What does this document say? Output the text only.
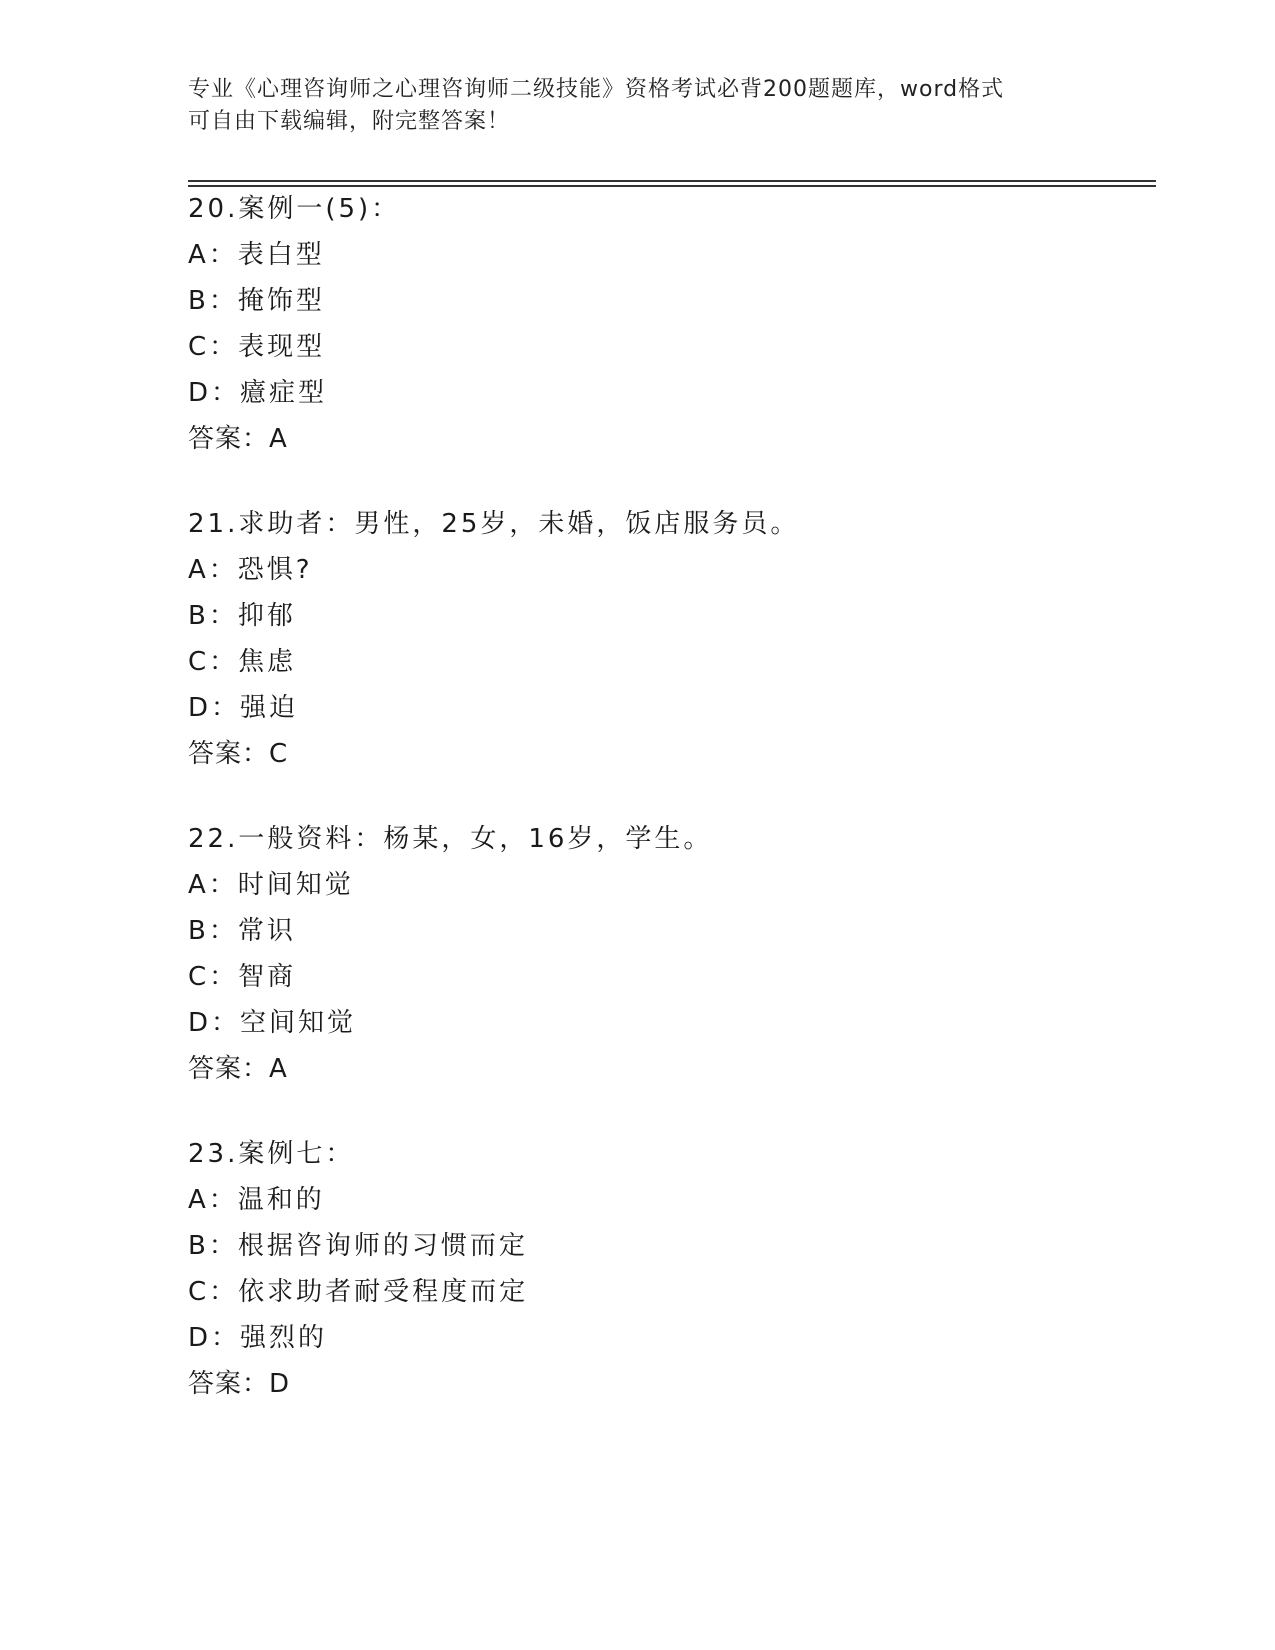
专业《心理咨询师之心理咨询师二级技能》资格考试必背200题题库，word格式
可自由下载编辑，附完整答案！
20.案例一(5)：
A：表白型
B：掩饰型
C：表现型
D：癔症型
答案：A
21.求助者：男性，25岁，未婚，饭店服务员。
A：恐惧?
B：抑郁
C：焦虑
D：强迫
答案：C
22.一般资料：杨某，女，16岁，学生。
A：时间知觉
B：常识
C：智商
D：空间知觉
答案：A
23.案例七：
A：温和的
B：根据咨询师的习惯而定
C：依求助者耐受程度而定
D：强烈的
答案：D
